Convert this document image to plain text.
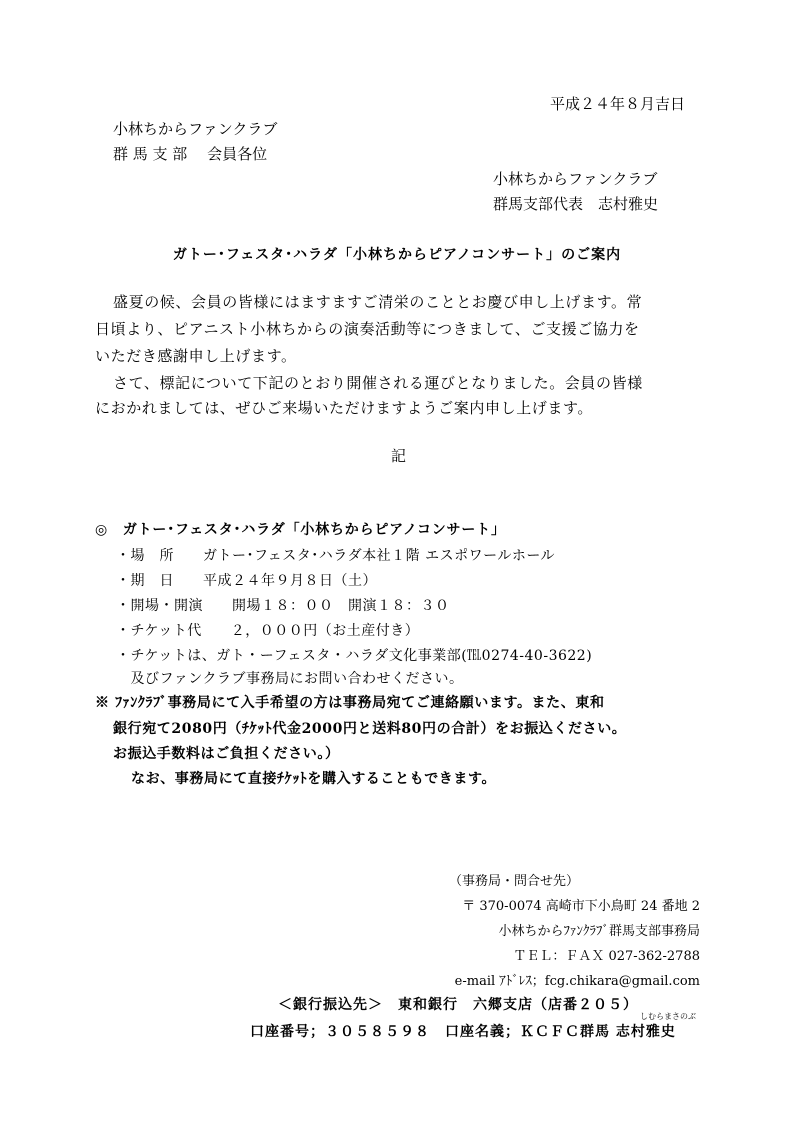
平成２４年８月吉日
小林ちからファンクラブ
群 馬 支 部　 会員各位
小林ちからファンクラブ
群馬支部代表　志村雅史
ガトー･フェスタ･ハラダ「小林ちからピアノコンサート」のご案内
盛夏の候、会員の皆様にはますますご清栄のこととお慶び申し上げます。常
日頃より、ピアニスト小林ちからの演奏活動等につきまして、ご支援ご協力を
いただき感謝申し上げます。
さて、標記について下記のとおり開催される運びとなりました。会員の皆様
におかれましては、ぜひご来場いただけますようご案内申し上げます。
記
◎　ガトー･フェスタ･ハラダ「小林ちからピアノコンサート」
・場　所　　ガトー･フェスタ･ハラダ本社１階 エスポワールホール
・期　日　　平成２４年９月８日（土）
・開場・開演　　開場１８：００　開演１８：３０
・チケット代　　２，０００円（お土産付き）
・チケットは、ガト・ーフェスタ・ハラダ文化事業部(℡0274-40-3622)
　及びファンクラブ事務局にお問い合わせください。
※ ﾌｧﾝｸﾗﾌﾞ事務局にて入手希望の方は事務局宛てご連絡願います。また、東和
銀行宛て2080円（ﾁｹｯﾄ代金2000円と送料80円の合計）をお振込ください。
お振込手数料はご負担ください。）
なお、事務局にて直接ﾁｹｯﾄを購入することもできます。
（事務局・問合せ先）
〒 370-0074 高崎市下小鳥町 24 番地 2
小林ちからﾌｧﾝｸﾗﾌﾞ群馬支部事務局
ＴＥＬ：ＦＡＸ 027-362-2788
e-mail ｱﾄﾞﾚｽ；fcg.chikara@gmail.com
＜銀行振込先＞　東和銀行　六郷支店（店番２０５）
しむらまさのぶ
口座番号；３０５８５９８　口座名義；ＫＣＦＣ群馬 志村雅史
